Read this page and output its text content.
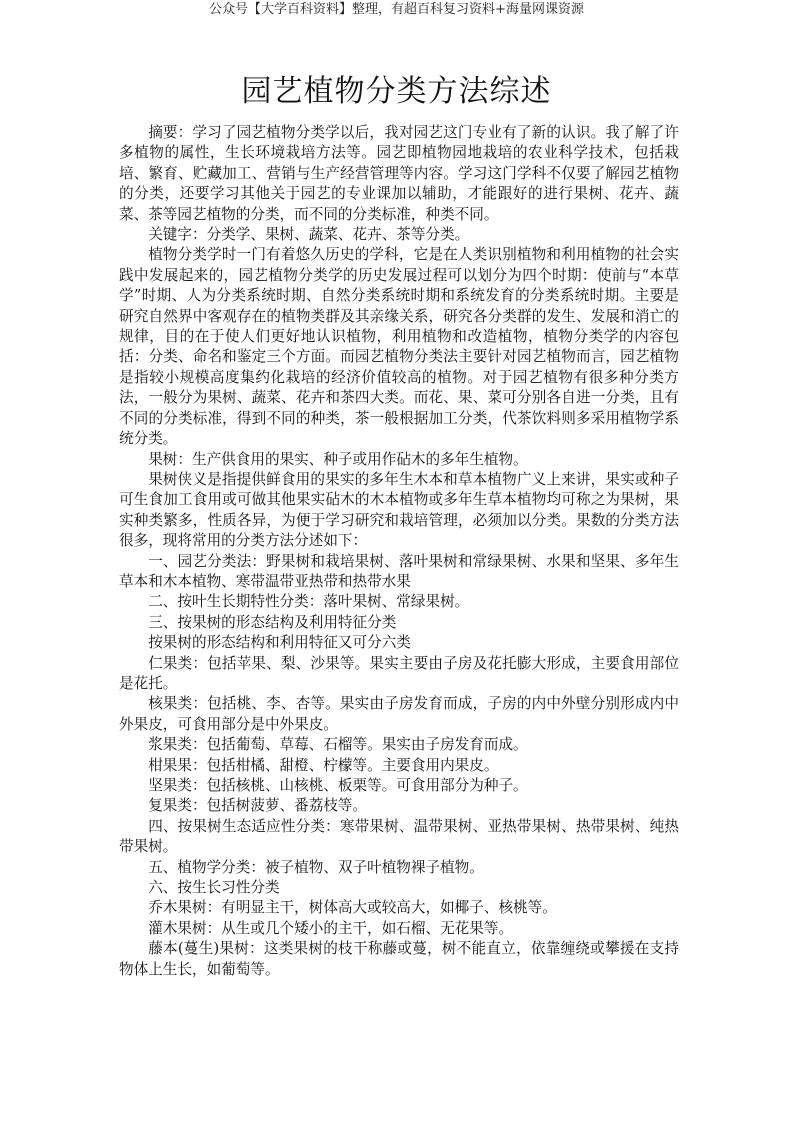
公众号【大学百科资料】整理，有超百科复习资料+海量网课资源
园艺植物分类方法综述

摘要：学习了园艺植物分类学以后，我对园艺这门专业有了新的认识。我了解了许多植物的属性，生长环境栽培方法等。园艺即植物园地栽培的农业科学技术，包括栽培、繁育、贮藏加工、营销与生产经营管理等内容。学习这门学科不仅要了解园艺植物的分类，还要学习其他关于园艺的专业课加以辅助，才能跟好的进行果树、花卉、蔬菜、茶等园艺植物的分类，而不同的分类标准，种类不同。

关键字：分类学、果树、蔬菜、花卉、茶等分类。

植物分类学时一门有着悠久历史的学科，它是在人类识别植物和利用植物的社会实践中发展起来的，园艺植物分类学的历史发展过程可以划分为四个时期：使前与“本草学”时期、人为分类系统时期、自然分类系统时期和系统发育的分类系统时期。主要是研究自然界中客观存在的植物类群及其亲缘关系，研究各分类群的发生、发展和消亡的规律，目的在于使人们更好地认识植物，利用植物和改造植物，植物分类学的内容包括：分类、命名和鉴定三个方面。而园艺植物分类法主要针对园艺植物而言，园艺植物是指较小规模高度集约化栽培的经济价值较高的植物。对于园艺植物有很多种分类方法，一般分为果树、蔬菜、花卉和茶四大类。而花、果、菜可分别各自进一分类，且有不同的分类标准，得到不同的种类，茶一般根据加工分类，代茶饮料则多采用植物学系统分类。

果树：生产供食用的果实、种子或用作砧木的多年生植物。

果树侠义是指提供鲜食用的果实的多年生木本和草本植物广义上来讲，果实或种子可生食加工食用或可做其他果实砧木的木本植物或多年生草本植物均可称之为果树，果实种类繁多，性质各异，为便于学习研究和栽培管理，必须加以分类。果数的分类方法很多，现将常用的分类方法分述如下：

一、园艺分类法：野果树和栽培果树、落叶果树和常绿果树、水果和坚果、多年生草本和木本植物、寒带温带亚热带和热带水果

二、按叶生长期特性分类：落叶果树、常绿果树。

三、按果树的形态结构及利用特征分类

按果树的形态结构和利用特征又可分六类

仁果类：包括苹果、梨、沙果等。果实主要由子房及花托膨大形成，主要食用部位是花托。

核果类：包括桃、李、杏等。果实由子房发育而成，子房的内中外壁分别形成内中外果皮，可食用部分是中外果皮。

浆果类：包括葡萄、草莓、石榴等。果实由子房发育而成。

柑果果：包括柑橘、甜橙、柠檬等。主要食用内果皮。

坚果类：包括核桃、山核桃、板栗等。可食用部分为种子。

复果类：包括树菠萝、番荔枝等。

四、按果树生态适应性分类：寒带果树、温带果树、亚热带果树、热带果树、纯热带果树。

五、植物学分类：被子植物、双子叶植物裸子植物。

六、按生长习性分类

乔木果树：有明显主干，树体高大或较高大，如椰子、核桃等。

灌木果树：从生或几个矮小的主干，如石榴、无花果等。

藤本(蔓生)果树：这类果树的枝干称藤或蔓，树不能直立，依靠缠绕或攀援在支持物体上生长，如葡萄等。
